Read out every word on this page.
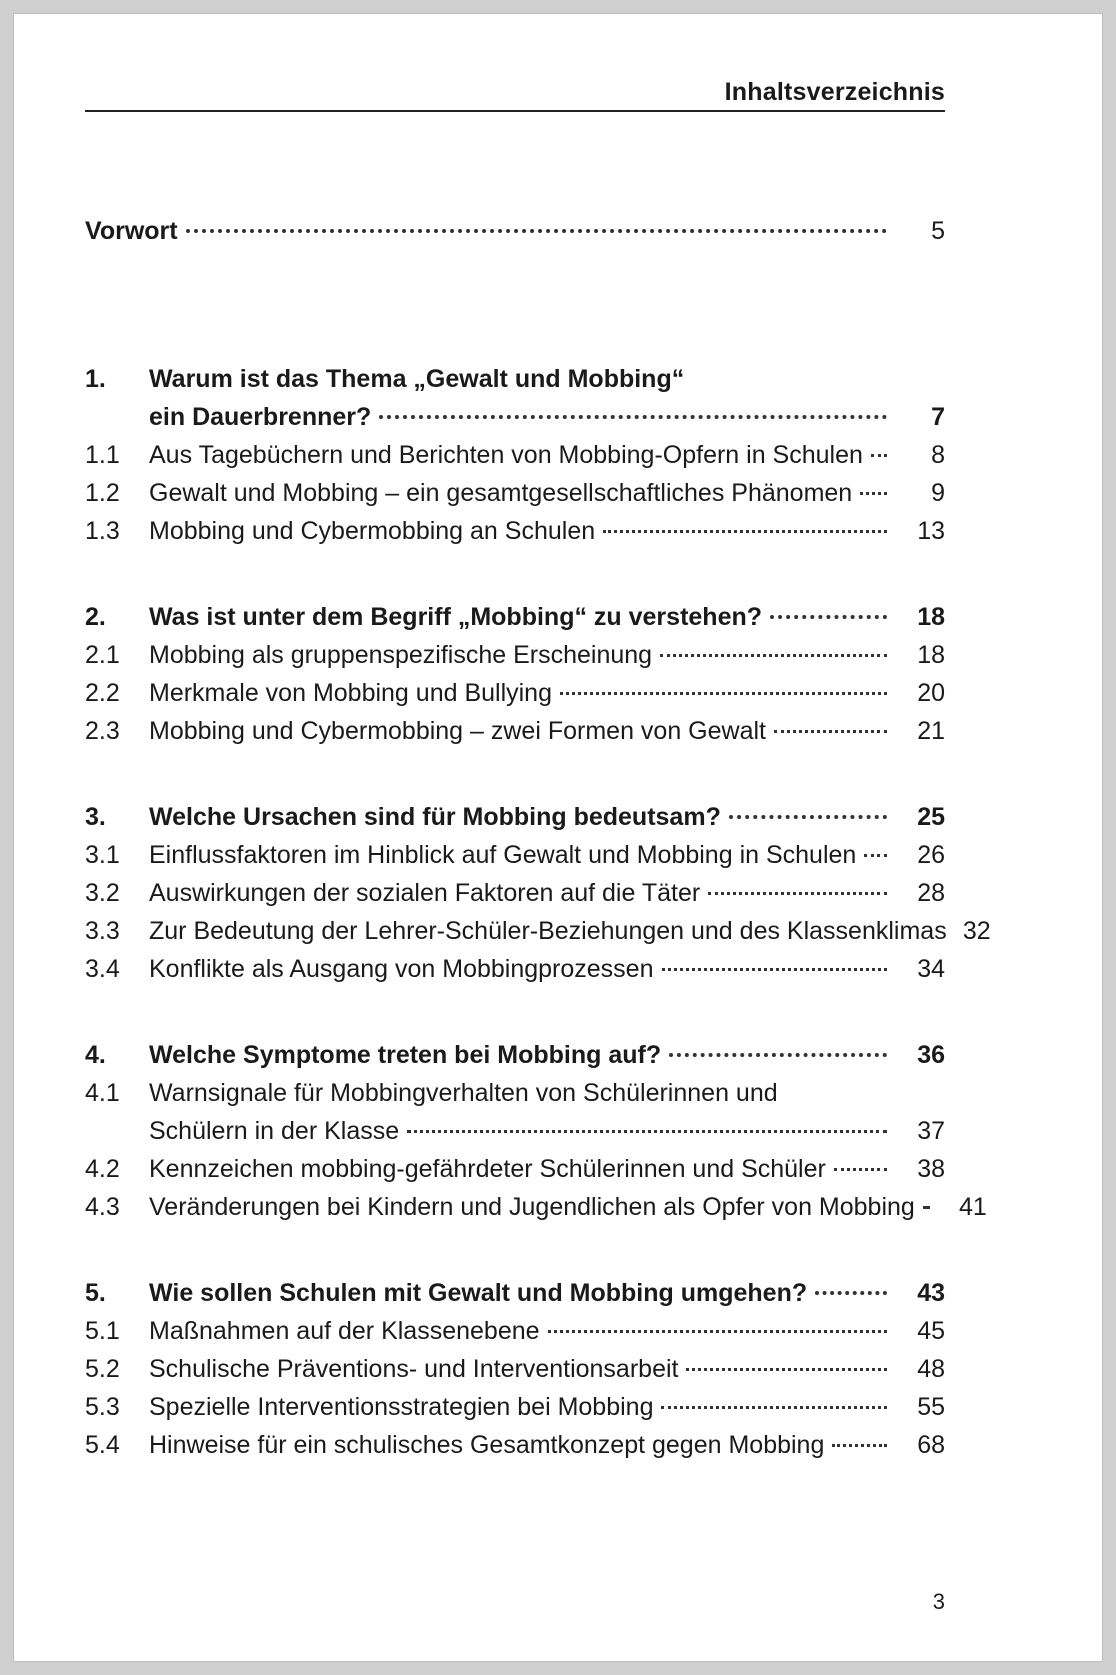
Inhaltsverzeichnis
Vorwort	5
1.	Warum ist das Thema „Gewalt und Mobbing“
ein Dauerbrenner?	7
1.1	Aus Tagebüchern und Berichten von Mobbing-Opfern in Schulen	8
1.2	Gewalt und Mobbing – ein gesamtgesellschaftliches Phänomen	9
1.3	Mobbing und Cybermobbing an Schulen	13
2.	Was ist unter dem Begriff „Mobbing“ zu verstehen?	18
2.1	Mobbing als gruppenspezifische Erscheinung	18
2.2	Merkmale von Mobbing und Bullying	20
2.3	Mobbing und Cybermobbing – zwei Formen von Gewalt	21
3.	Welche Ursachen sind für Mobbing bedeutsam?	25
3.1	Einflussfaktoren im Hinblick auf Gewalt und Mobbing in Schulen	26
3.2	Auswirkungen der sozialen Faktoren auf die Täter	28
3.3	Zur Bedeutung der Lehrer-Schüler-Beziehungen und des Klassenklimas 32
3.4	Konflikte als Ausgang von Mobbingprozessen	34
4.	Welche Symptome treten bei Mobbing auf?	36
4.1	Warnsignale für Mobbingverhalten von Schülerinnen und
Schülern in der Klasse	37
4.2	Kennzeichen mobbing-gefährdeter Schülerinnen und Schüler	38
4.3	Veränderungen bei Kindern und Jugendlichen als Opfer von Mobbing	41
5.	Wie sollen Schulen mit Gewalt und Mobbing umgehen?	43
5.1	Maßnahmen auf der Klassenebene	45
5.2	Schulische Präventions- und Interventionsarbeit	48
5.3	Spezielle Interventionsstrategien bei Mobbing	55
5.4	Hinweise für ein schulisches Gesamtkonzept gegen Mobbing	68
3
